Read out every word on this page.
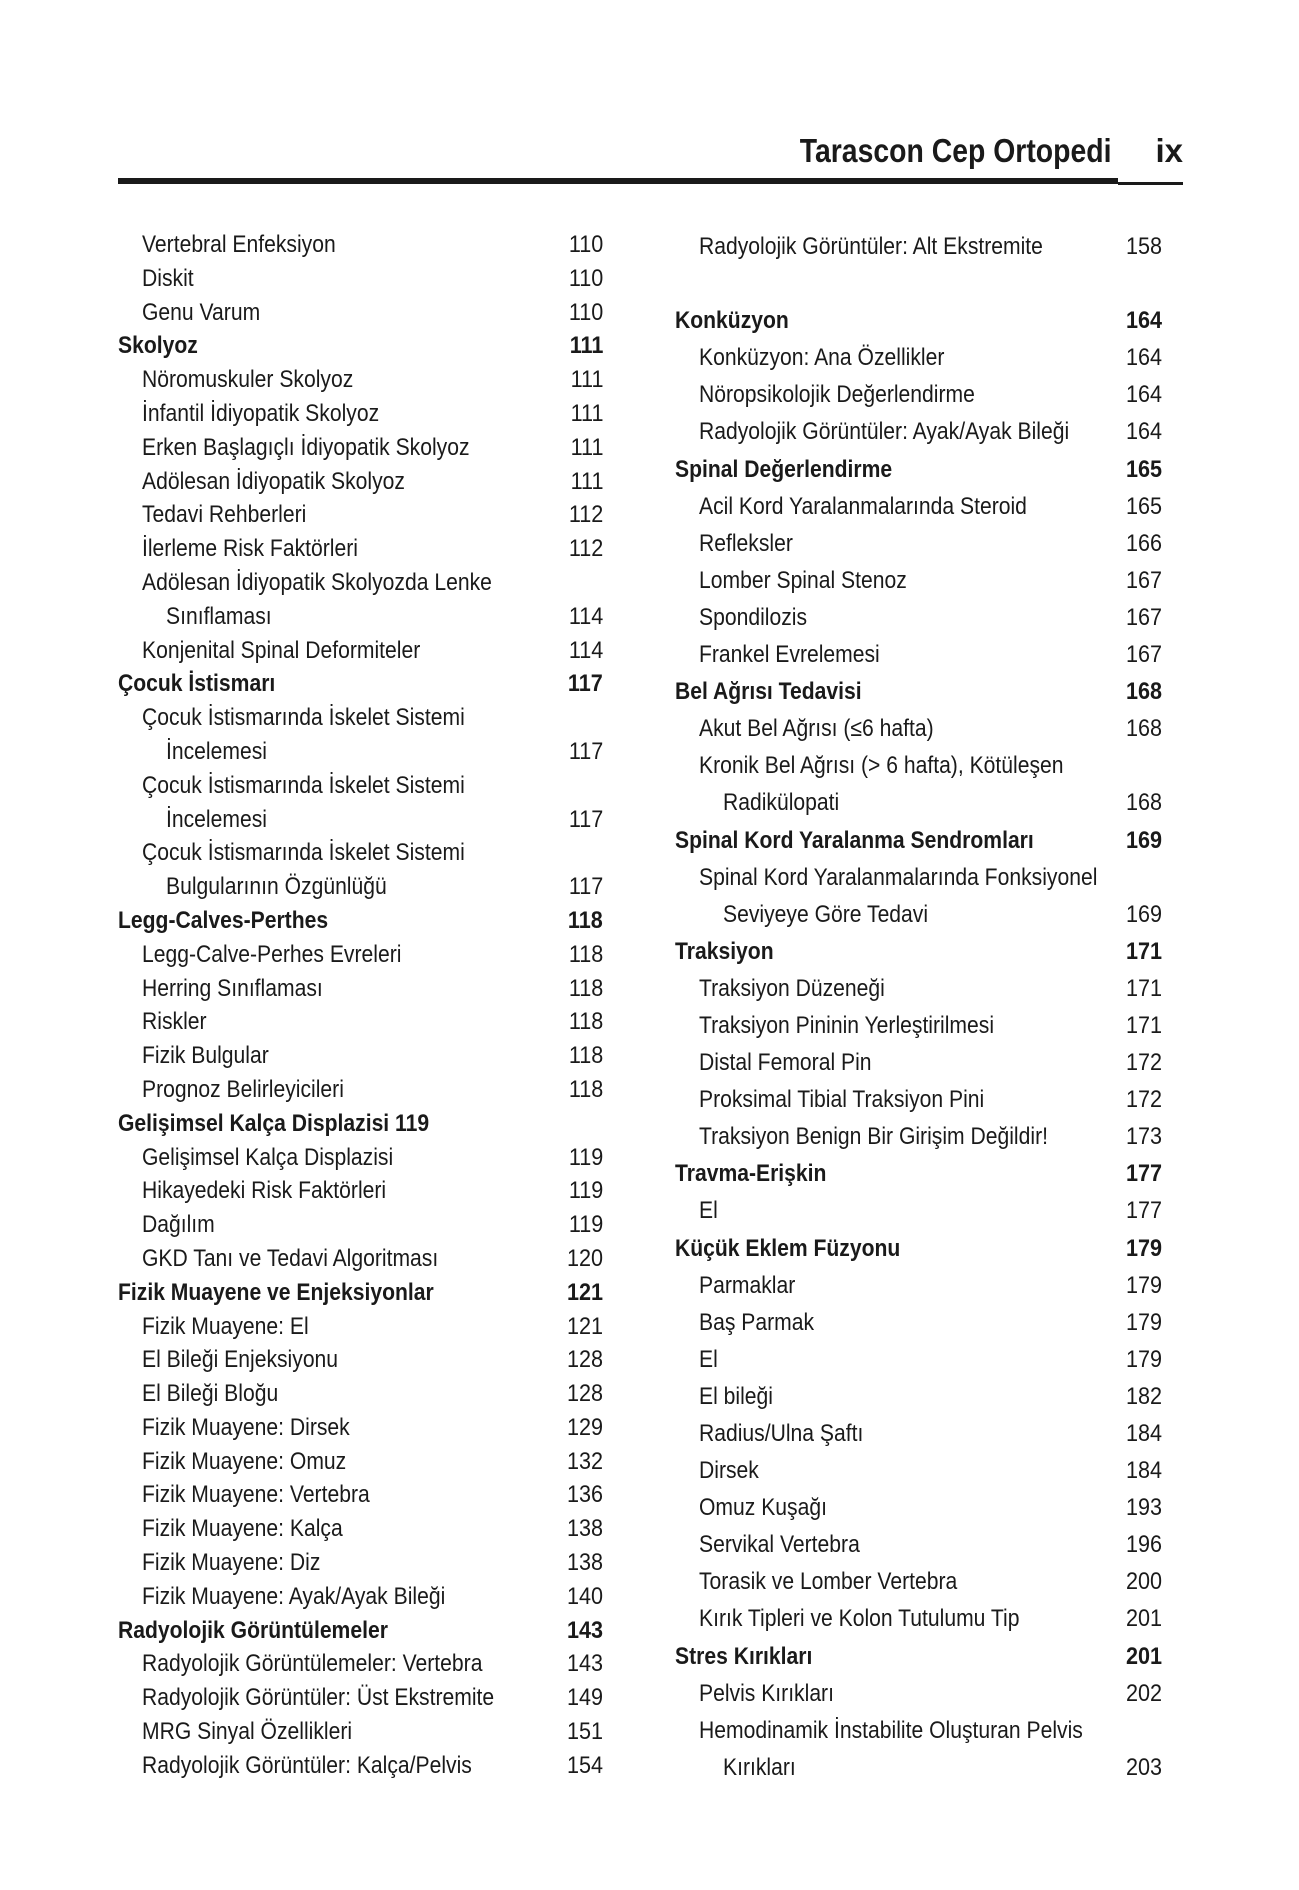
Tarascon Cep Ortopedi ix
Vertebral Enfeksiyon	110
Diskit	110
Genu Varum	110
Skolyoz	111
Nöromuskuler Skolyoz	111
İnfantil İdiyopatik Skolyoz	111
Erken Başlagıçlı İdiyopatik Skolyoz	111
Adölesan İdiyopatik Skolyoz	111
Tedavi Rehberleri	112
İlerleme Risk Faktörleri	112
Adölesan İdiyopatik Skolyozda Lenke
Sınıflaması	114
Konjenital Spinal Deformiteler	114
Çocuk İstismarı	117
Çocuk İstismarında İskelet Sistemi
İncelemesi	117
Çocuk İstismarında İskelet Sistemi
İncelemesi	117
Çocuk İstismarında İskelet Sistemi
Bulgularının Özgünlüğü	117
Legg-Calves-Perthes	118
Legg-Calve-Perhes Evreleri	118
Herring Sınıflaması	118
Riskler	118
Fizik Bulgular	118
Prognoz Belirleyicileri	118
Gelişimsel Kalça Displazisi 119
Gelişimsel Kalça Displazisi	119
Hikayedeki Risk Faktörleri	119
Dağılım	119
GKD Tanı ve Tedavi Algoritması	120
Fizik Muayene ve Enjeksiyonlar	121
Fizik Muayene: El	121
El Bileği Enjeksiyonu	128
El Bileği Bloğu	128
Fizik Muayene: Dirsek	129
Fizik Muayene: Omuz	132
Fizik Muayene: Vertebra	136
Fizik Muayene: Kalça	138
Fizik Muayene: Diz	138
Fizik Muayene: Ayak/Ayak Bileği	140
Radyolojik Görüntülemeler	143
Radyolojik Görüntülemeler: Vertebra	143
Radyolojik Görüntüler: Üst Ekstremite	149
MRG Sinyal Özellikleri	151
Radyolojik Görüntüler: Kalça/Pelvis	154
Radyolojik Görüntüler: Alt Ekstremite	158
Konküzyon	164
Konküzyon: Ana Özellikler	164
Nöropsikolojik Değerlendirme	164
Radyolojik Görüntüler: Ayak/Ayak Bileği 164
Spinal Değerlendirme	165
Acil Kord Yaralanmalarında Steroid	165
Refleksler	166
Lomber Spinal Stenoz	167
Spondilozis	167
Frankel Evrelemesi	167
Bel Ağrısı Tedavisi	168
Akut Bel Ağrısı (≤6 hafta)	168
Kronik Bel Ağrısı (> 6 hafta), Kötüleşen
Radikülopati	168
Spinal Kord Yaralanma Sendromları	169
Spinal Kord Yaralanmalarında Fonksiyonel
Seviyeye Göre Tedavi	169
Traksiyon	171
Traksiyon Düzeneği	171
Traksiyon Pininin Yerleştirilmesi	171
Distal Femoral Pin	172
Proksimal Tibial Traksiyon Pini	172
Traksiyon Benign Bir Girişim Değildir!	173
Travma-Erişkin	177
El	177
Küçük Eklem Füzyonu	179
Parmaklar	179
Baş Parmak	179
El	179
El bileği	182
Radius/Ulna Şaftı	184
Dirsek	184
Omuz Kuşağı	193
Servikal Vertebra	196
Torasik ve Lomber Vertebra	200
Kırık Tipleri ve Kolon Tutulumu Tip	201
Stres Kırıkları	201
Pelvis Kırıkları	202
Hemodinamik İnstabilite Oluşturan Pelvis
Kırıkları	203
